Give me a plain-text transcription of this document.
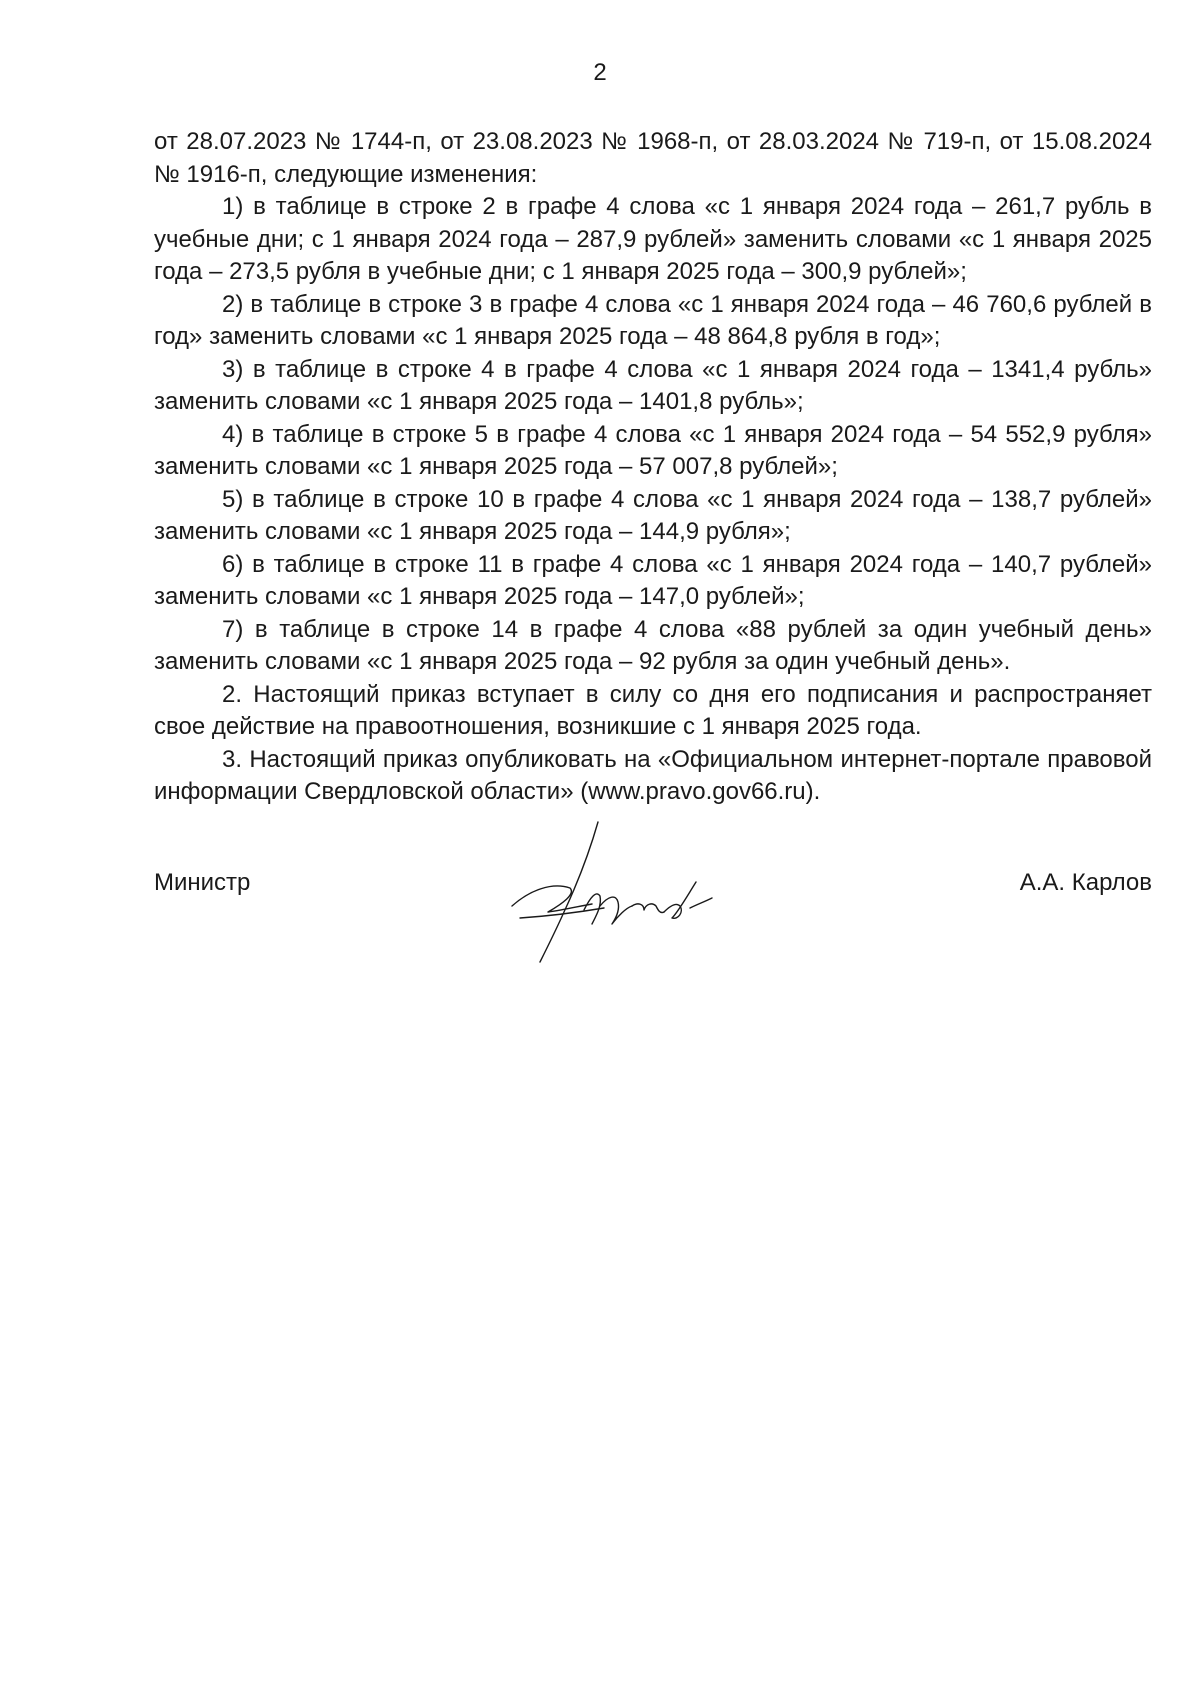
2

от 28.07.2023 № 1744-п, от 23.08.2023 № 1968-п, от 28.03.2024 № 719-п, от 15.08.2024 № 1916-п, следующие изменения:

1) в таблице в строке 2 в графе 4 слова «с 1 января 2024 года – 261,7 рубль в учебные дни; с 1 января 2024 года – 287,9 рублей» заменить словами «с 1 января 2025 года – 273,5 рубля в учебные дни; с 1 января 2025 года – 300,9 рублей»;

2) в таблице в строке 3 в графе 4 слова «с 1 января 2024 года – 46 760,6 рублей в год» заменить словами «с 1 января 2025 года – 48 864,8 рубля в год»;

3) в таблице в строке 4 в графе 4 слова «с 1 января 2024 года – 1341,4 рубль» заменить словами «с 1 января 2025 года – 1401,8 рубль»;

4) в таблице в строке 5 в графе 4 слова «с 1 января 2024 года – 54 552,9 рубля» заменить словами «с 1 января 2025 года – 57 007,8 рублей»;

5) в таблице в строке 10 в графе 4 слова «с 1 января 2024 года – 138,7 рублей» заменить словами «с 1 января 2025 года – 144,9 рубля»;

6) в таблице в строке 11 в графе 4 слова «с 1 января 2024 года – 140,7 рублей» заменить словами «с 1 января 2025 года – 147,0 рублей»;

7) в таблице в строке 14 в графе 4 слова «88 рублей за один учебный день» заменить словами «с 1 января 2025 года – 92 рубля за один учебный день».

2. Настоящий приказ вступает в силу со дня его подписания и распространяет свое действие на правоотношения, возникшие с 1 января 2025 года.

3. Настоящий приказ опубликовать на «Официальном интернет-портале правовой информации Свердловской области» (www.pravo.gov66.ru).

Министр	А.А. Карлов
